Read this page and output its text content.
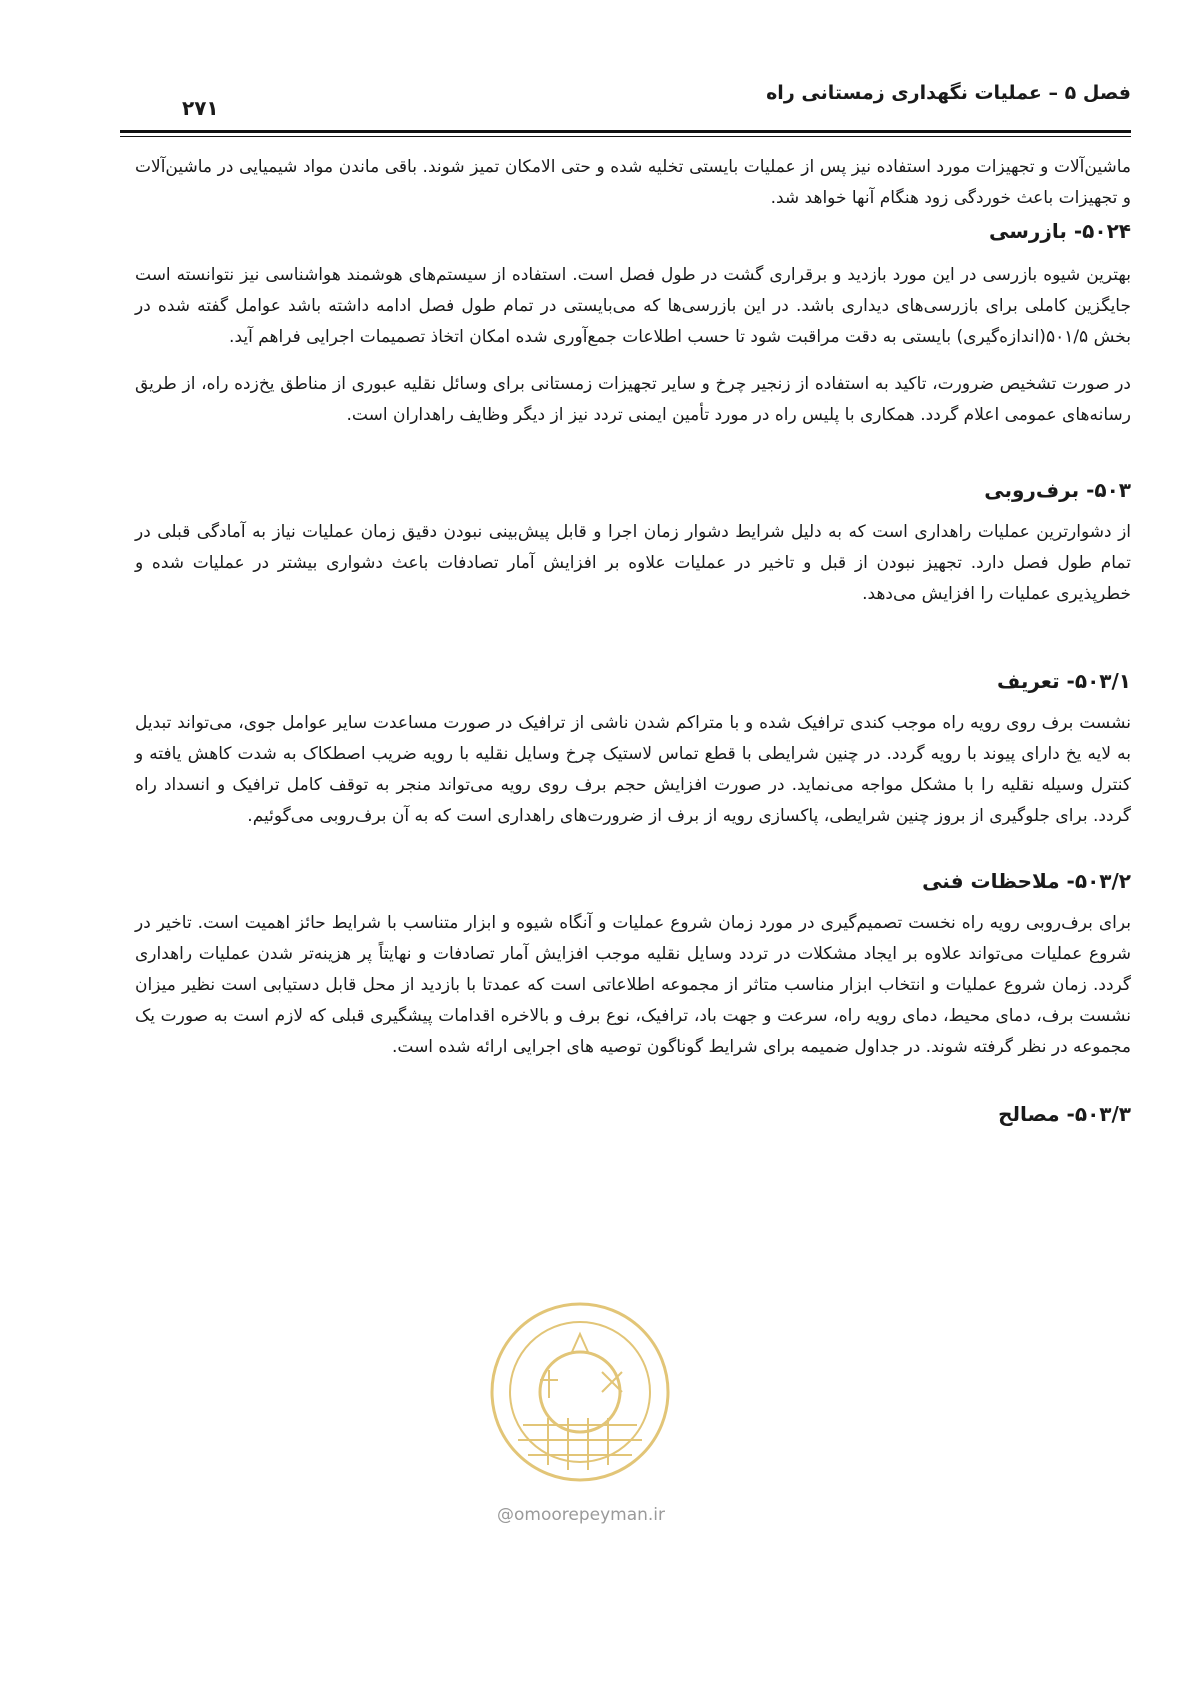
فصل ۵ – عملیات نگهداری زمستانی راه
۲۷۱

ماشین‌آلات و تجهیزات مورد استفاده نیز پس از عملیات بایستی تخلیه شده و حتی الامکان تمیز شوند. باقی ماندن مواد شیمیایی در ماشین‌آلات و تجهیزات باعث خوردگی زود هنگام آنها خواهد شد.

۵۰۲۴- بازرسی

بهترین شیوه بازرسی در این مورد بازدید و برقراری گشت در طول فصل است. استفاده از سیستم‌های هوشمند هواشناسی نیز نتوانسته است جایگزین کاملی برای بازرسی‌های دیداری باشد. در این بازرسی‌ها که می‌بایستی در تمام طول فصل ادامه داشته باشد عوامل گفته شده در بخش ۵۰۱/۵(اندازه‌گیری) بایستی به دقت مراقبت شود تا حسب اطلاعات جمع‌آوری شده امکان اتخاذ تصمیمات اجرایی فراهم آید.

در صورت تشخیص ضرورت، تاکید به استفاده از زنجیر چرخ و سایر تجهیزات زمستانی برای وسائل نقلیه عبوری از مناطق یخ‌زده راه، از طریق رسانه‌های عمومی اعلام گردد. همکاری با پلیس راه در مورد تأمین ایمنی تردد نیز از دیگر وظایف راهداران است.

۵۰۳- برف‌روبی

از دشوارترین عملیات راهداری است که به دلیل شرایط دشوار زمان اجرا و قابل پیش‌بینی نبودن دقیق زمان عملیات نیاز به آمادگی قبلی در تمام طول فصل دارد. تجهیز نبودن از قبل و تاخیر در عملیات علاوه بر افزایش آمار تصادفات باعث دشواری بیشتر در عملیات شده و خطرپذیری عملیات را افزایش می‌دهد.

۵۰۳/۱- تعریف

نشست برف روی رویه راه موجب کندی ترافیک شده و با متراکم شدن ناشی از ترافیک در صورت مساعدت سایر عوامل جوی، می‌تواند تبدیل به لایه یخ دارای پیوند با رویه گردد. در چنین شرایطی با قطع تماس لاستیک چرخ وسایل نقلیه با رویه ضریب اصطکاک به شدت کاهش یافته و کنترل وسیله نقلیه را با مشکل مواجه می‌نماید. در صورت افزایش حجم برف روی رویه می‌تواند منجر به توقف کامل ترافیک و انسداد راه گردد. برای جلوگیری از بروز چنین شرایطی، پاکسازی رویه از برف از ضرورت‌های راهداری است که به آن برف‌روبی می‌گوئیم.

۵۰۳/۲- ملاحظات فنی

برای برف‌روبی رویه راه نخست تصمیم‌گیری در مورد زمان شروع عملیات و آنگاه شیوه و ابزار متناسب با شرایط حائز اهمیت است. تاخیر در شروع عملیات می‌تواند علاوه بر ایجاد مشکلات در تردد وسایل نقلیه موجب افزایش آمار تصادفات و نهایتاً پر هزینه‌تر شدن عملیات راهداری گردد. زمان شروع عملیات و انتخاب ابزار مناسب متاثر از مجموعه اطلاعاتی است که عمدتا با بازدید از محل قابل دستیابی است نظیر میزان نشست برف، دمای محیط، دمای رویه راه، سرعت و جهت باد، ترافیک، نوع برف و بالاخره اقدامات پیشگیری قبلی که لازم است به صورت یک مجموعه در نظر گرفته شوند. در جداول ضمیمه برای شرایط گوناگون توصیه های اجرایی ارائه شده است.

۵۰۳/۳- مصالح

@omoorepeyman.ir
